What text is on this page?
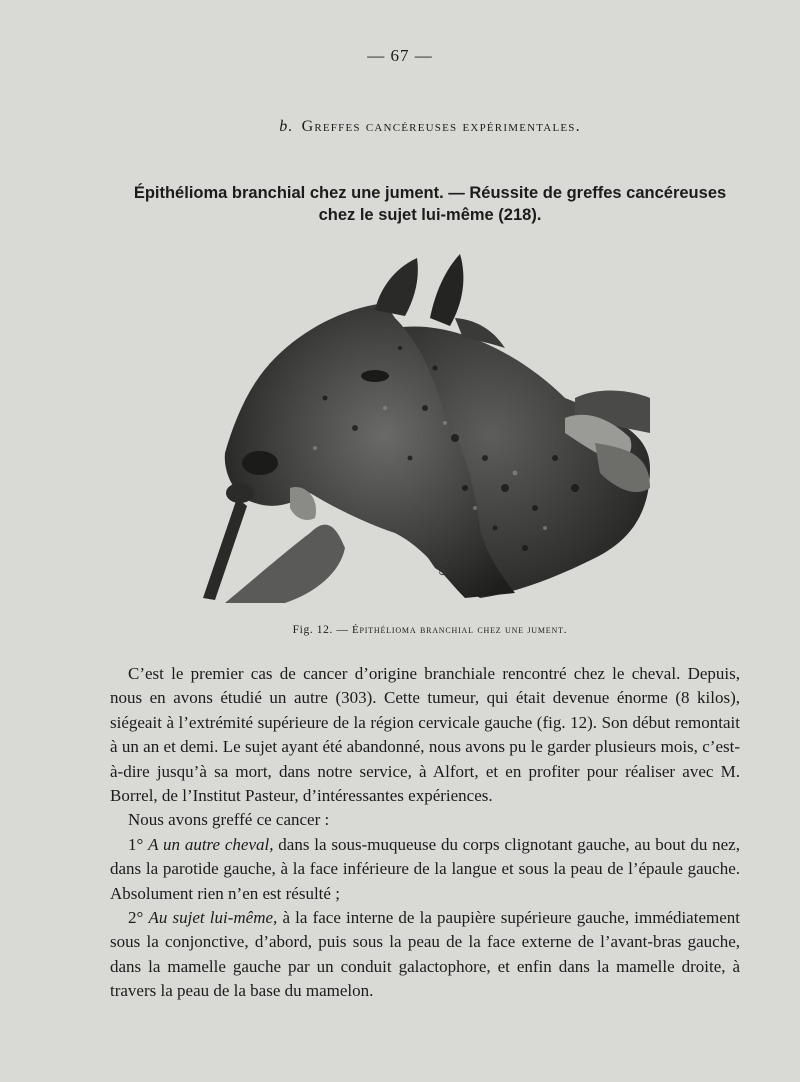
— 67 —
b. Greffes cancéreuses expérimentales.
Épithélioma branchial chez une jument. — Réussite de greffes cancéreuses
chez le sujet lui-même (218).
G.N
Fig. 12. — Épithélioma branchial chez une jument.

C’est le premier cas de cancer d’origine branchiale rencontré chez le cheval. Depuis, nous en avons étudié un autre (303). Cette tumeur, qui était devenue énorme (8 kilos), siégeait à l’extrémité supérieure de la région cervicale gauche (fig. 12). Son début remontait à un an et demi. Le sujet ayant été abandonné, nous avons pu le garder plusieurs mois, c’est-à-dire jusqu’à sa mort, dans notre service, à Alfort, et en profiter pour réaliser avec M. Borrel, de l’Institut Pasteur, d’intéressantes expériences.

Nous avons greffé ce cancer :

1° A un autre cheval, dans la sous-muqueuse du corps clignotant gauche, au bout du nez, dans la parotide gauche, à la face inférieure de la langue et sous la peau de l’épaule gauche. Absolument rien n’en est résulté ;

2° Au sujet lui-même, à la face interne de la paupière supérieure gauche, immédiatement sous la conjonctive, d’abord, puis sous la peau de la face externe de l’avant-bras gauche, dans la mamelle gauche par un conduit galactophore, et enfin dans la mamelle droite, à travers la peau de la base du mamelon.
